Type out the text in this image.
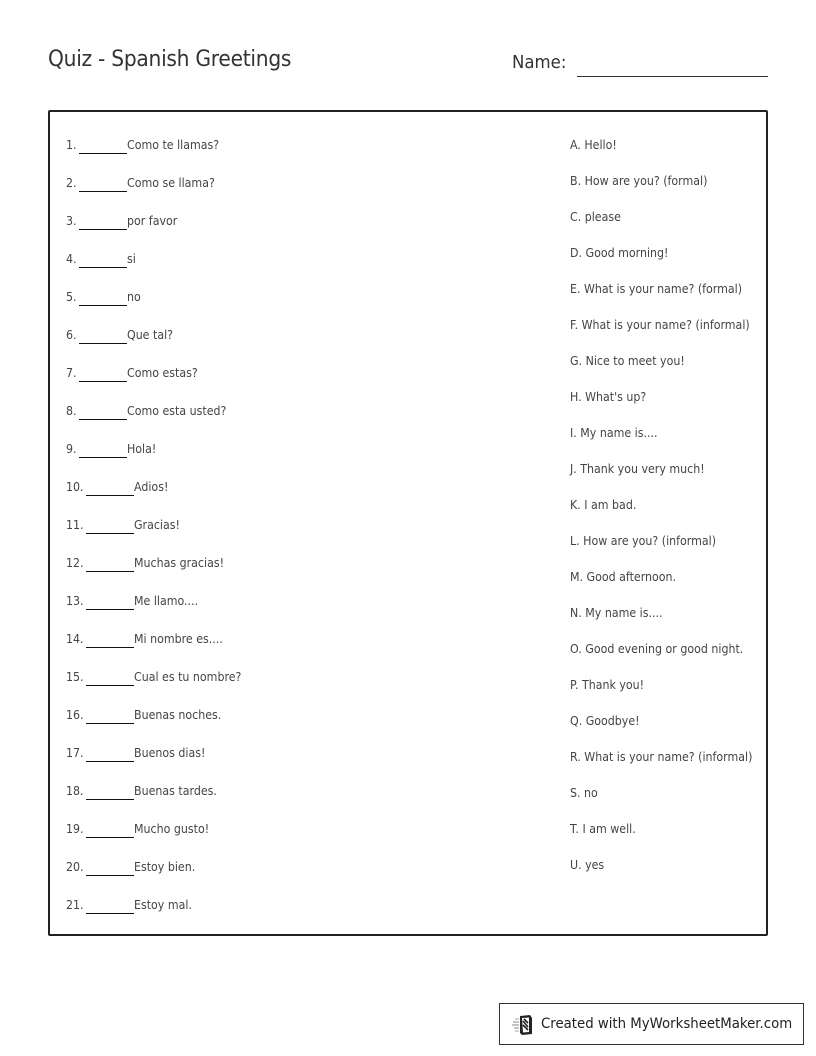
Quiz - Spanish Greetings	Name:
1.	Como te llamas?
2.	Como se llama?
3.	por favor
4.	si
5.	no
6.	Que tal?
7.	Como estas?
8.	Como esta usted?
9.	Hola!
10.	Adios!
11.	Gracias!
12.	Muchas gracias!
13.	Me llamo....
14.	Mi nombre es....
15.	Cual es tu nombre?
16.	Buenas noches.
17.	Buenos dias!
18.	Buenas tardes.
19.	Mucho gusto!
20.	Estoy bien.
21.	Estoy mal.
A. Hello!
B. How are you? (formal)
C. please
D. Good morning!
E. What is your name? (formal)
F. What is your name? (informal)
G. Nice to meet you!
H. What's up?
I. My name is....
J. Thank you very much!
K. I am bad.
L. How are you? (informal)
M. Good afternoon.
N. My name is....
O. Good evening or good night.
P. Thank you!
Q. Goodbye!
R. What is your name? (informal)
S. no
T. I am well.
U. yes
Created with MyWorksheetMaker.com
